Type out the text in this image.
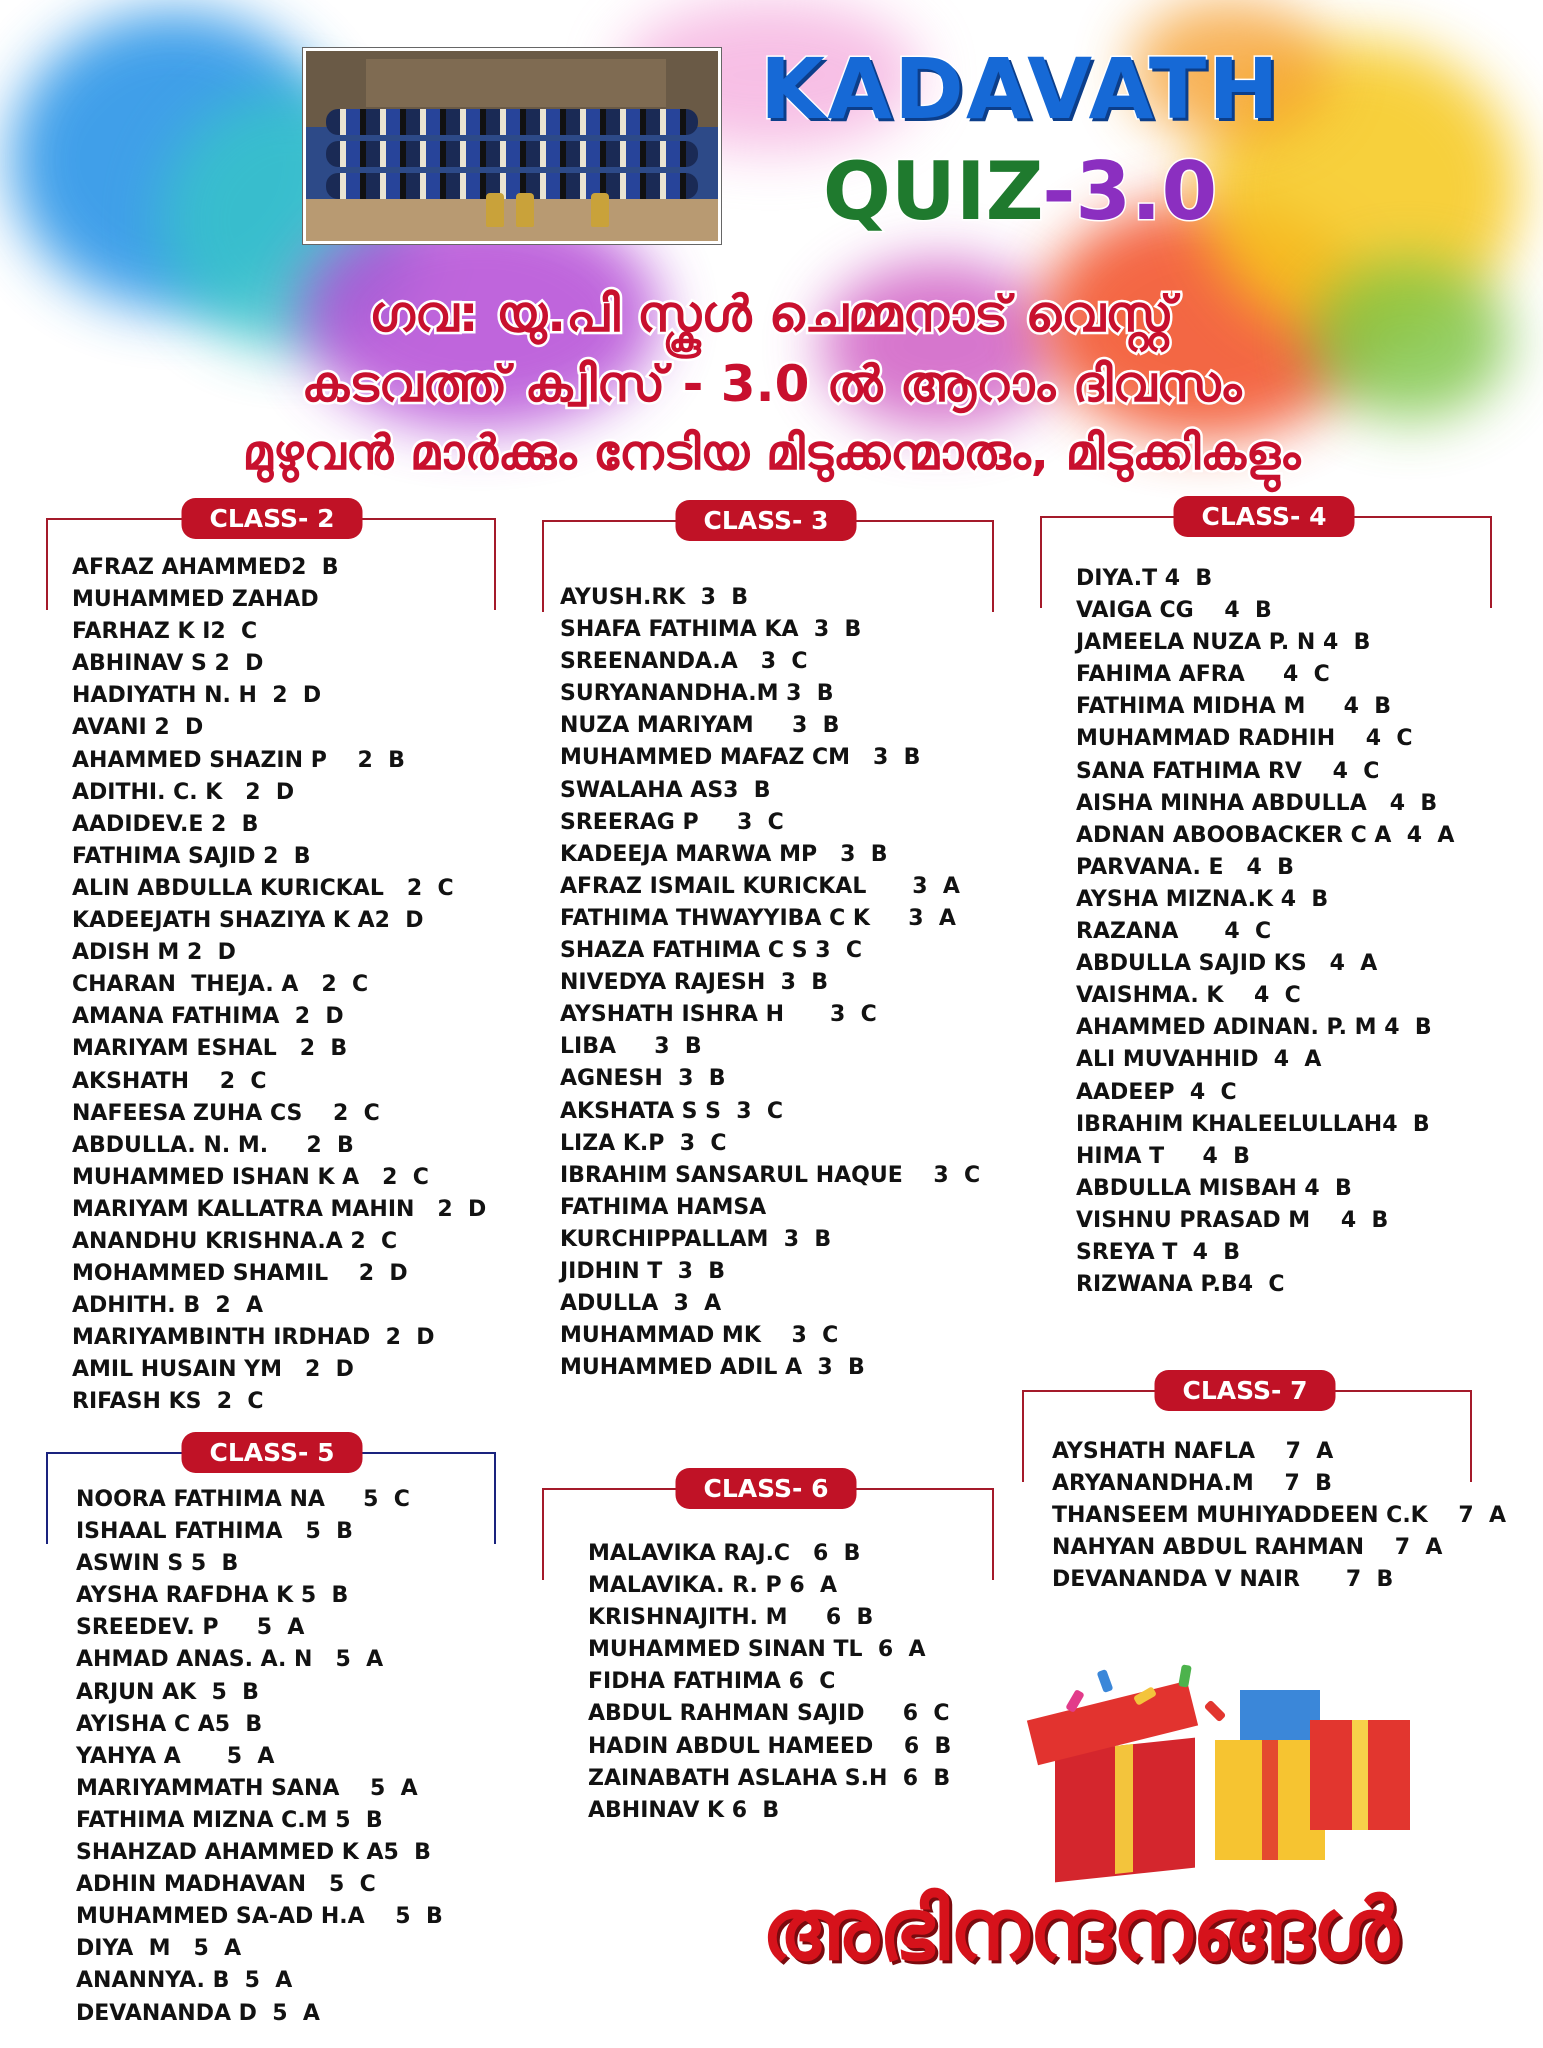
KADAVATH
QUIZ-3.0
ഗവ: യു.പി സ്കൂൾ ചെമ്മനാട് വെസ്റ്റ്
കടവത്ത് ക്വിസ് - 3.0 ൽ ആറാം ദിവസം
മുഴുവൻ മാർക്കും നേടിയ മിടുക്കന്മാരും, മിടുക്കികളും
CLASS- 2
AFRAZ AHAMMED2  B
MUHAMMED ZAHAD
FARHAZ K I2  C
ABHINAV S 2  D
HADIYATH N. H  2  D
AVANI 2  D
AHAMMED SHAZIN P    2  B
ADITHI. C. K   2  D
AADIDEV.E 2  B
FATHIMA SAJID 2  B
ALIN ABDULLA KURICKAL   2  C
KADEEJATH SHAZIYA K A2  D
ADISH M 2  D
CHARAN  THEJA. A   2  C
AMANA FATHIMA  2  D
MARIYAM ESHAL   2  B
AKSHATH    2  C
NAFEESA ZUHA CS    2  C
ABDULLA. N. M.     2  B
MUHAMMED ISHAN K A   2  C
MARIYAM KALLATRA MAHIN   2  D
ANANDHU KRISHNA.A 2  C
MOHAMMED SHAMIL    2  D
ADHITH. B  2  A
MARIYAMBINTH IRDHAD  2  D
AMIL HUSAIN YM   2  D
RIFASH KS  2  C
CLASS- 3
AYUSH.RK  3  B
SHAFA FATHIMA KA  3  B
SREENANDA.A   3  C
SURYANANDHA.M 3  B
NUZA MARIYAM     3  B
MUHAMMED MAFAZ CM   3  B
SWALAHA AS3  B
SREERAG P     3  C
KADEEJA MARWA MP   3  B
AFRAZ ISMAIL KURICKAL      3  A
FATHIMA THWAYYIBA C K     3  A
SHAZA FATHIMA C S 3  C
NIVEDYA RAJESH  3  B
AYSHATH ISHRA H      3  C
LIBA     3  B
AGNESH  3  B
AKSHATA S S  3  C
LIZA K.P  3  C
IBRAHIM SANSARUL HAQUE    3  C
FATHIMA HAMSA
KURCHIPPALLAM  3  B
JIDHIN T  3  B
ADULLA  3  A
MUHAMMAD MK    3  C
MUHAMMED ADIL A  3  B
CLASS- 4
DIYA.T 4  B
VAIGA CG    4  B
JAMEELA NUZA P. N 4  B
FAHIMA AFRA     4  C
FATHIMA MIDHA M     4  B
MUHAMMAD RADHIH    4  C
SANA FATHIMA RV    4  C
AISHA MINHA ABDULLA   4  B
ADNAN ABOOBACKER C A  4  A
PARVANA. E   4  B
AYSHA MIZNA.K 4  B
RAZANA      4  C
ABDULLA SAJID KS   4  A
VAISHMA. K    4  C
AHAMMED ADINAN. P. M 4  B
ALI MUVAHHID  4  A
AADEEP  4  C
IBRAHIM KHALEELULLAH4  B
HIMA T     4  B
ABDULLA MISBAH 4  B
VISHNU PRASAD M    4  B
SREYA T  4  B
RIZWANA P.B4  C
CLASS- 5
NOORA FATHIMA NA     5  C
ISHAAL FATHIMA   5  B
ASWIN S 5  B
AYSHA RAFDHA K 5  B
SREEDEV. P     5  A
AHMAD ANAS. A. N   5  A
ARJUN AK  5  B
AYISHA C A5  B
YAHYA A      5  A
MARIYAMMATH SANA    5  A
FATHIMA MIZNA C.M 5  B
SHAHZAD AHAMMED K A5  B
ADHIN MADHAVAN   5  C
MUHAMMED SA-AD H.A    5  B
DIYA  M   5  A
ANANNYA. B  5  A
DEVANANDA D  5  A
CLASS- 6
MALAVIKA RAJ.C   6  B
MALAVIKA. R. P 6  A
KRISHNAJITH. M     6  B
MUHAMMED SINAN TL  6  A
FIDHA FATHIMA 6  C
ABDUL RAHMAN SAJID     6  C
HADIN ABDUL HAMEED    6  B
ZAINABATH ASLAHA S.H  6  B
ABHINAV K 6  B
CLASS- 7
AYSHATH NAFLA    7  A
ARYANANDHA.M    7  B
THANSEEM MUHIYADDEEN C.K    7  A
NAHYAN ABDUL RAHMAN    7  A
DEVANANDA V NAIR      7  B
അഭിനന്ദനങ്ങൾ
